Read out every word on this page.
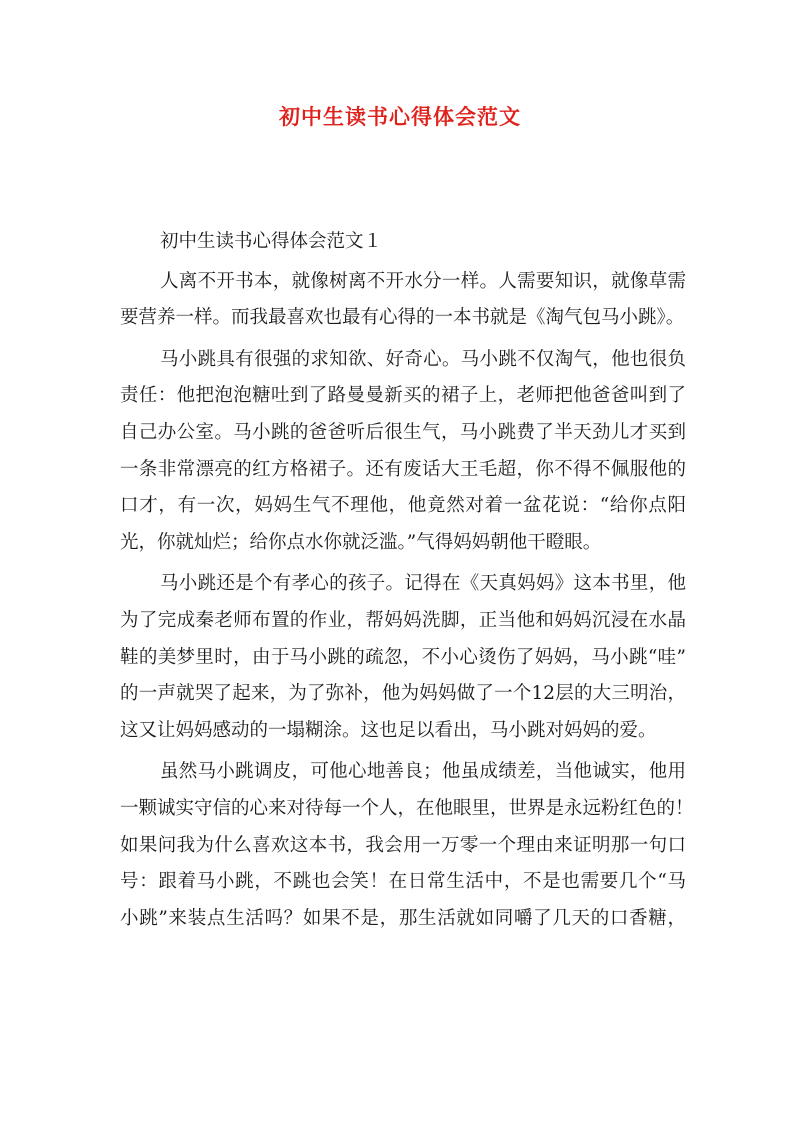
初中生读书心得体会范文
初中生读书心得体会范文１
人离不开书本，就像树离不开水分一样。人需要知识，就像草需
要营养一样。而我最喜欢也最有心得的一本书就是《淘气包马小跳》。
马小跳具有很强的求知欲、好奇心。马小跳不仅淘气，他也很负
责任：他把泡泡糖吐到了路曼曼新买的裙子上，老师把他爸爸叫到了
自己办公室。马小跳的爸爸听后很生气，马小跳费了半天劲儿才买到
一条非常漂亮的红方格裙子。还有废话大王毛超，你不得不佩服他的
口才，有一次，妈妈生气不理他，他竟然对着一盆花说：“给你点阳
光，你就灿烂；给你点水你就泛滥。”气得妈妈朝他干瞪眼。
马小跳还是个有孝心的孩子。记得在《天真妈妈》这本书里，他
为了完成秦老师布置的作业，帮妈妈洗脚，正当他和妈妈沉浸在水晶
鞋的美梦里时，由于马小跳的疏忽，不小心烫伤了妈妈，马小跳“哇”
的一声就哭了起来，为了弥补，他为妈妈做了一个12层的大三明治，
这又让妈妈感动的一塌糊涂。这也足以看出，马小跳对妈妈的爱。
虽然马小跳调皮，可他心地善良；他虽成绩差，当他诚实，他用
一颗诚实守信的心来对待每一个人，在他眼里，世界是永远粉红色的！
如果问我为什么喜欢这本书，我会用一万零一个理由来证明那一句口
号：跟着马小跳，不跳也会笑！在日常生活中，不是也需要几个“马
小跳”来装点生活吗？如果不是，那生活就如同嚼了几天的口香糖，
